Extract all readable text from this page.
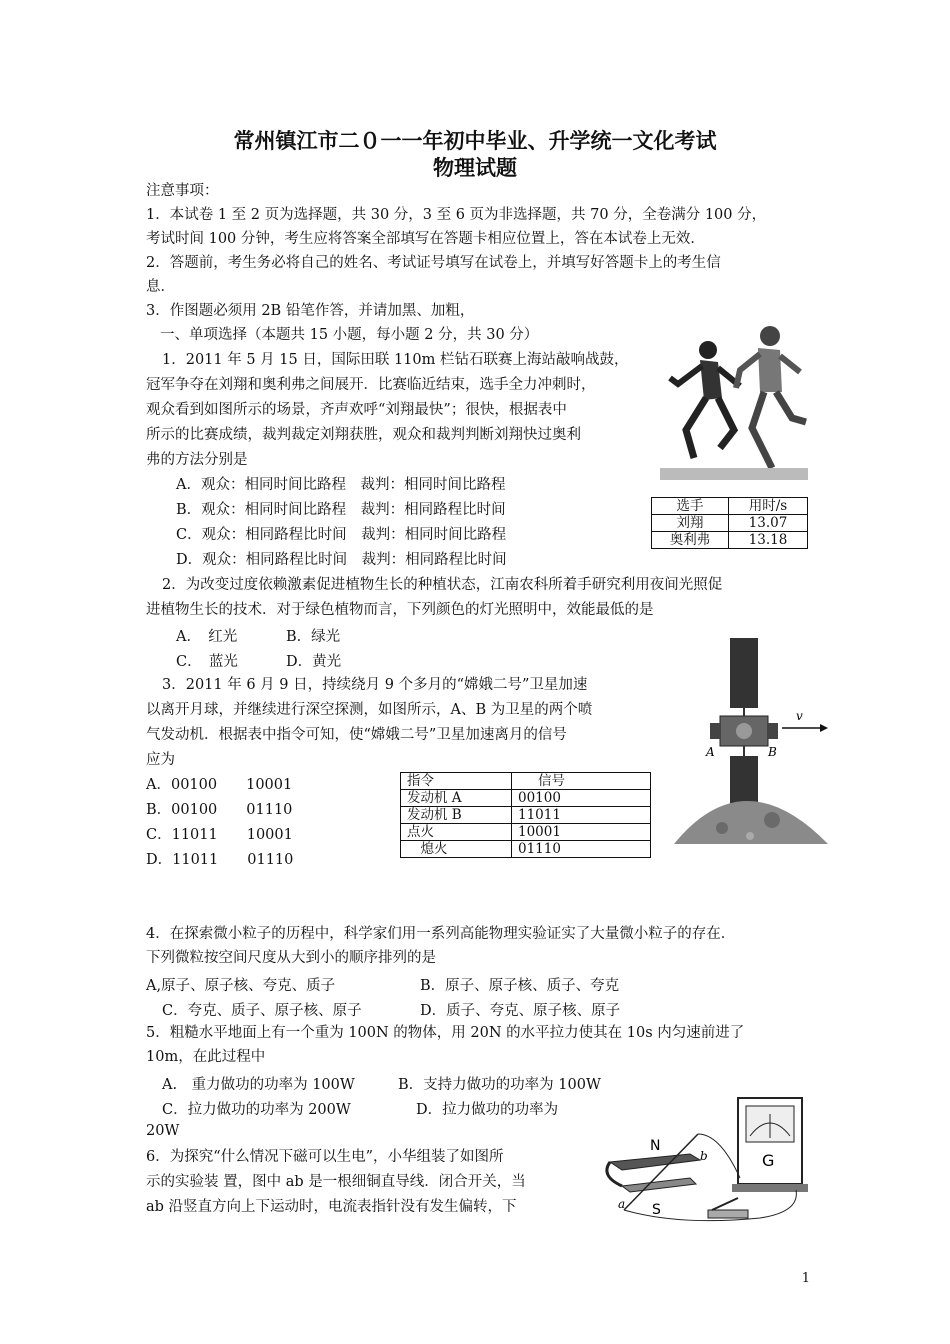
常州镇江市二０一一年初中毕业、升学统一文化考试
物理试题
注意事项：
1．本试卷 1 至 2 页为选择题，共 30 分，3 至 6 页为非选择题，共 70 分，全卷满分 100 分，
考试时间 100 分钟，考生应将答案全部填写在答题卡相应位置上，答在本试卷上无效．
2．答题前，考生务必将自己的姓名、考试证号填写在试卷上，并填写好答题卡上的考生信
息．
3．作图题必须用 2B 铅笔作答，并请加黑、加粗，
一、单项选择（本题共 15 小题，每小题 2 分，共 30 分）
1．2011 年 5 月 15 日，国际田联 110m 栏钻石联赛上海站敲响战鼓，
冠军争夺在刘翔和奥利弗之间展开．比赛临近结束，选手全力冲刺时，
观众看到如图所示的场景，齐声欢呼“刘翔最快”；很快，根据表中
所示的比赛成绩，裁判裁定刘翔获胜，观众和裁判判断刘翔快过奥利
弗的方法分别是
A．观众：相同时间比路程　裁判：相同时间比路程
B．观众：相同时间比路程　裁判：相同路程比时间
C．观众：相同路程比时间　裁判：相同时间比路程
D．观众：相同路程比时间　裁判：相同路程比时间
选手	用时/s
刘翔	13.07
奥利弗	13.18
2．为改变过度依赖激素促进植物生长的种植状态，江南农科所着手研究利用夜间光照促
进植物生长的技术．对于绿色植物而言，下列颜色的灯光照明中，效能最低的是
A．　红光	B．绿光
C．　蓝光	D．黄光
3．2011 年 6 月 9 日，持续绕月 9 个多月的“嫦娥二号”卫星加速
以离开月球，并继续进行深空探测，如图所示，A、B 为卫星的两个喷
气发动机．根据表中指令可知，使“嫦娥二号”卫星加速离月的信号
应为
A．00100　　10001
B．00100　　01110
C．11011　　10001
D．11011　　01110
指令	信号
发动机 A	00100
发动机 B	11011
点火	10001
　熄火	01110
v
A	B
4．在探索微小粒子的历程中，科学家们用一系列高能物理实验证实了大量微小粒子的存在．
下列微粒按空间尺度从大到小的顺序排列的是
A,原子、原子核、夸克、质子	B．原子、原子核、质子、夸克
C．夸克、质子、原子核、原子	D．质子、夸克、原子核、原子
5．粗糙水平地面上有一个重为 100N 的物体，用 20N 的水平拉力使其在 10s 内匀速前进了
10m，在此过程中
A.　重力做功的功率为 100W	B．支持力做功的功率为 100W
C．拉力做功的功率为 200W	D．拉力做功的功率为
20W
6．为探究“什么情况下磁可以生电”，小华组装了如图所
示的实验装 置，图中 ab 是一根细铜直导线．闭合开关，当
ab 沿竖直方向上下运动时，电流表指针没有发生偏转，下
N
S
b
a
G
1
